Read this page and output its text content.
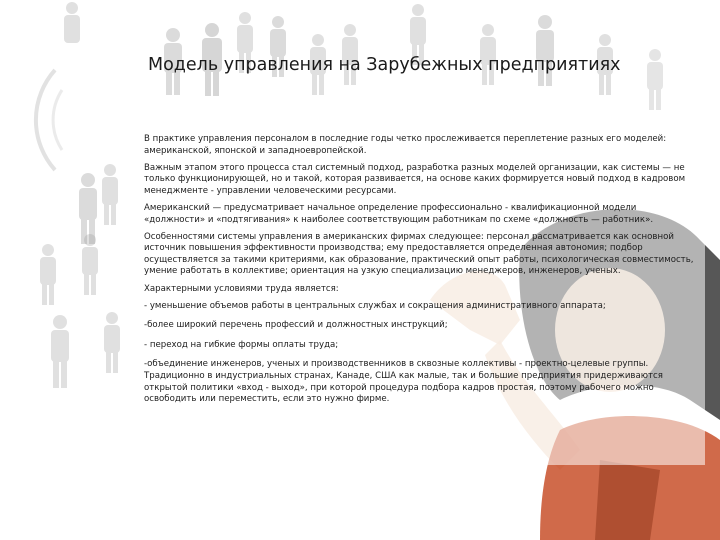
Модель управления на Зарубежных предприятиях

В практике управления персоналом в последние годы четко прослеживается переплетение разных его моделей: американской, японской и западноевропейской.

Важным этапом этого процесса стал системный подход, разработка разных моделей организации, как системы — не только функционирующей, но и такой, которая развивается, на основе каких формируется новый подход в кадровом менеджменте - управлении человеческими ресурсами.

Американский — предусматривает начальное определение профессионально - квалификационной модели «должности» и «подтягивания» к наиболее соответствующим работникам по схеме «должность — работник».

Особенностями системы управления в американских фирмах следующее: персонал рассматривается как основной источник повышения эффективности производства; ему предоставляется определенная автономия; подбор осуществляется за такими критериями, как образование, практический опыт работы, психологическая совместимость, умение работать в коллективе; ориентация на узкую специализацию менеджеров, инженеров, ученых.

Характерными условиями труда является:

- уменьшение объемов работы в центральных службах и сокращения административного аппарата;

-более широкий перечень профессий и должностных инструкций;

- переход на гибкие формы оплаты труда;

-объединение инженеров, ученых и производственников в сквозные коллективы - проектно-целевые группы. Традиционно в индустриальных странах, Канаде, США как малые, так и большие предприятия придерживаются открытой политики «вход - выход», при которой процедура подбора кадров простая, поэтому рабочего можно освободить или переместить, если это нужно фирме.
